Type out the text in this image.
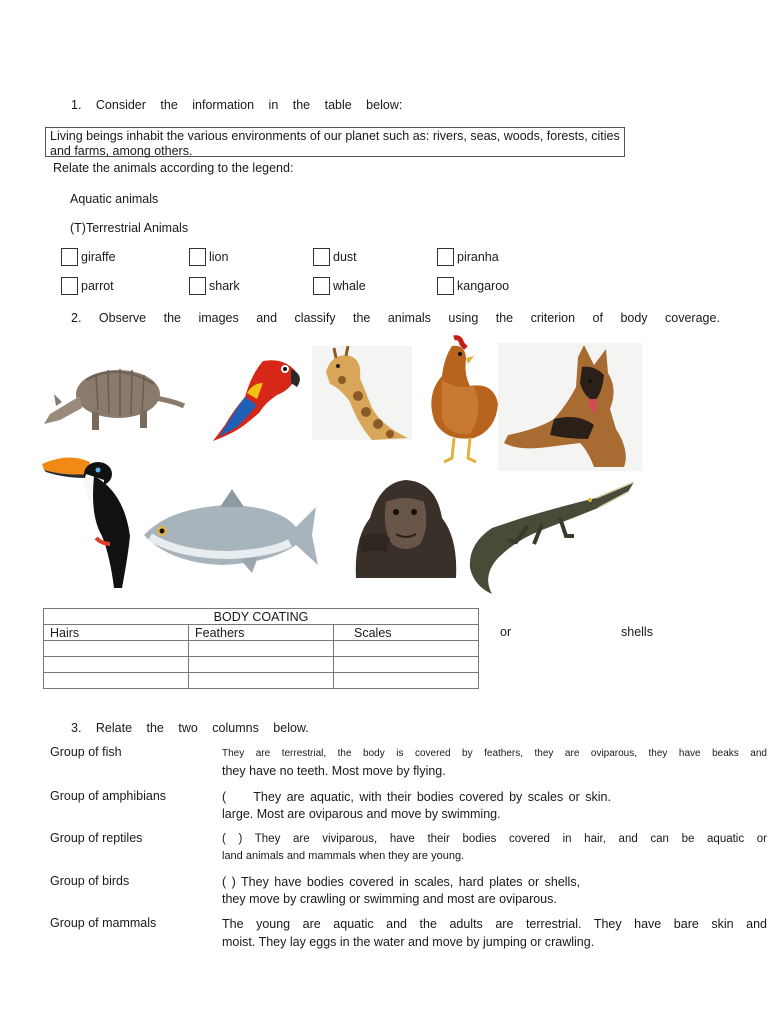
1. Consider the information in the table below:
Living beings inhabit the various environments of our planet such as: rivers, seas, woods, forests, cities and farms, among others.
Relate the animals according to the legend:
Aquatic animals
(T)Terrestrial Animals
giraffe	lion	dust	piranha
parrot	shark	whale	kangaroo
2. Observe the images and classify the animals using the criterion of body coverage.
BODY COATING		
Hairs	Feathers	Scales

			or	shells
3. Relate the two columns below.
Group of fish	They are terrestrial, the body is covered by feathers, they are oviparous, they have beaks and
they have no teeth. Most move by flying.
Group of amphibians	(     They are aquatic, with their bodies covered by scales or skin.
large. Most are oviparous and move by swimming.
Group of reptiles	( ) They are viviparous, have their bodies covered in hair, and can be aquatic or
land animals and mammals when they are young.
Group of birds	( ) They have bodies covered in scales, hard plates or shells,
they move by crawling or swimming and most are oviparous.
Group of mammals	The young are aquatic and the adults are terrestrial. They have bare skin and
moist. They lay eggs in the water and move by jumping or crawling.
